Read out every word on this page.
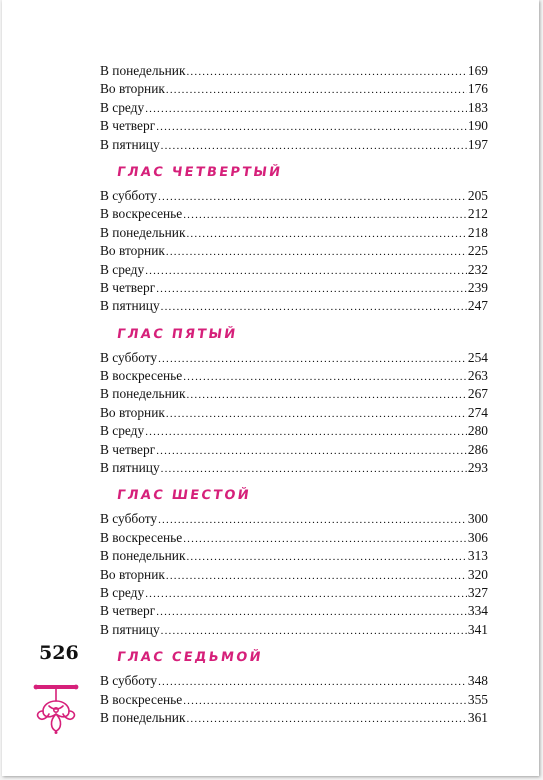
В понедельник .....	169
Во вторник .....	176
В среду .....	183
В четверг .....	190
В пятницу .....	197
ГЛАС ЧЕТВЕРТЫЙ
В субботу .....	205
В воскресенье .....	212
В понедельник .....	218
Во вторник .....	225
В среду .....	232
В четверг .....	239
В пятницу .....	247
ГЛАС ПЯТЫЙ
В субботу .....	254
В воскресенье .....	263
В понедельник .....	267
Во вторник .....	274
В среду .....	280
В четверг .....	286
В пятницу .....	293
ГЛАС ШЕСТОЙ
В субботу .....	300
В воскресенье .....	306
В понедельник .....	313
Во вторник .....	320
В среду .....	327
В четверг .....	334
В пятницу .....	341
ГЛАС СЕДЬМОЙ
В субботу .....	348
В воскресенье .....	355
В понедельник .....	361
526
